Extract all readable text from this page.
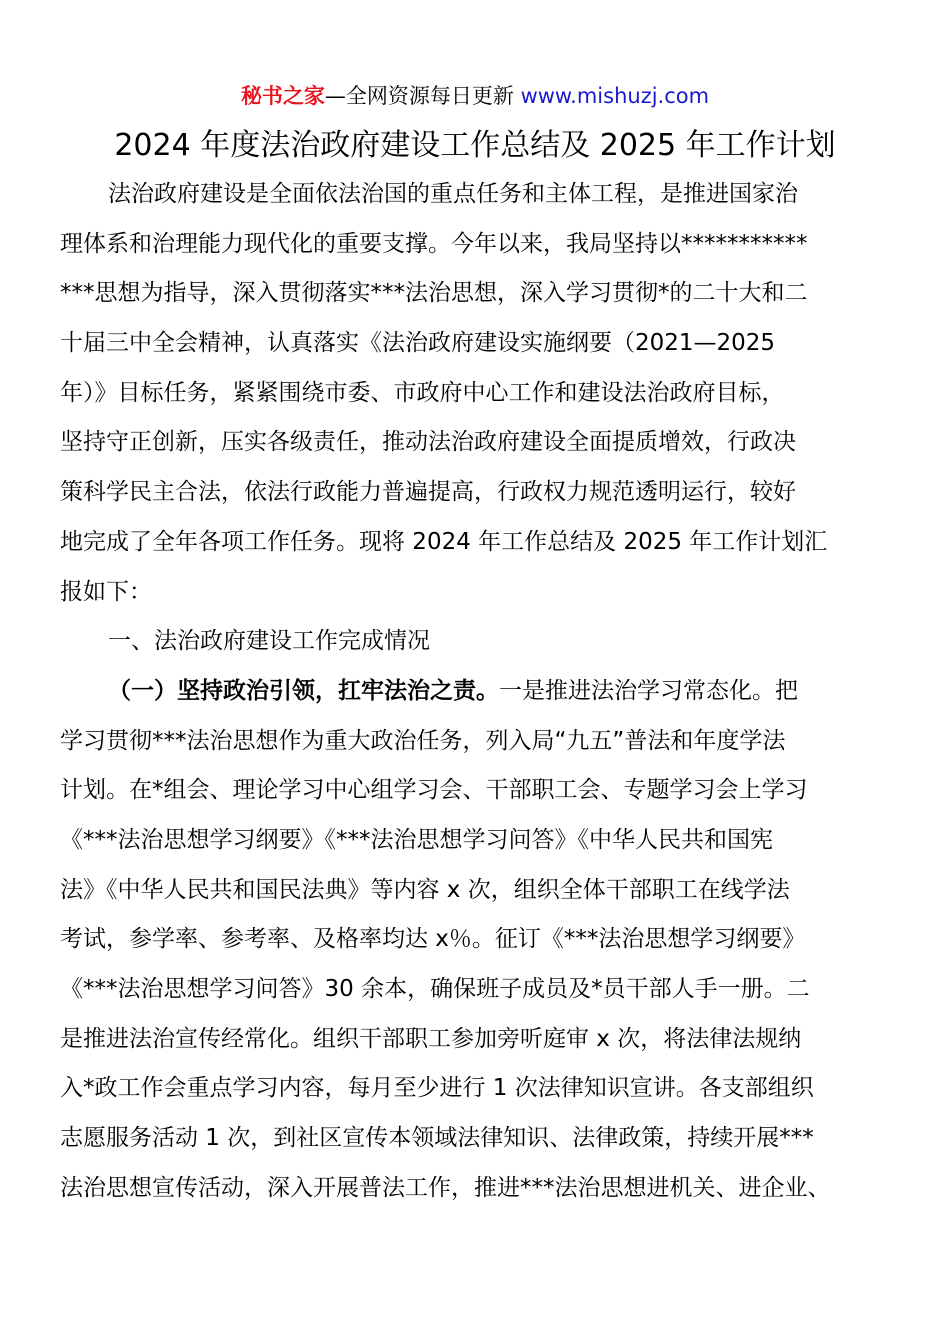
秘书之家—全网资源每日更新 www.mishuzj.com
2024 年度法治政府建设工作总结及 2025 年工作计划
法治政府建设是全面依法治国的重点任务和主体工程，是推进国家治
理体系和治理能力现代化的重要支撑。今年以来，我局坚持以***********
***思想为指导，深入贯彻落实***法治思想，深入学习贯彻*的二十大和二
十届三中全会精神，认真落实《法治政府建设实施纲要（2021—2025
年）》目标任务，紧紧围绕市委、市政府中心工作和建设法治政府目标，
坚持守正创新，压实各级责任，推动法治政府建设全面提质增效，行政决
策科学民主合法，依法行政能力普遍提高，行政权力规范透明运行，较好
地完成了全年各项工作任务。现将 2024 年工作总结及 2025 年工作计划汇
报如下：
一、法治政府建设工作完成情况
（一）坚持政治引领，扛牢法治之责。一是推进法治学习常态化。把
学习贯彻***法治思想作为重大政治任务，列入局“九五”普法和年度学法
计划。在*组会、理论学习中心组学习会、干部职工会、专题学习会上学习
《***法治思想学习纲要》《***法治思想学习问答》《中华人民共和国宪
法》《中华人民共和国民法典》等内容 x 次，组织全体干部职工在线学法
考试，参学率、参考率、及格率均达 x％。征订《***法治思想学习纲要》
《***法治思想学习问答》30 余本，确保班子成员及*员干部人手一册。二
是推进法治宣传经常化。组织干部职工参加旁听庭审 x 次，将法律法规纳
入*政工作会重点学习内容，每月至少进行 1 次法律知识宣讲。各支部组织
志愿服务活动 1 次，到社区宣传本领域法律知识、法律政策，持续开展***
法治思想宣传活动，深入开展普法工作，推进***法治思想进机关、进企业、
